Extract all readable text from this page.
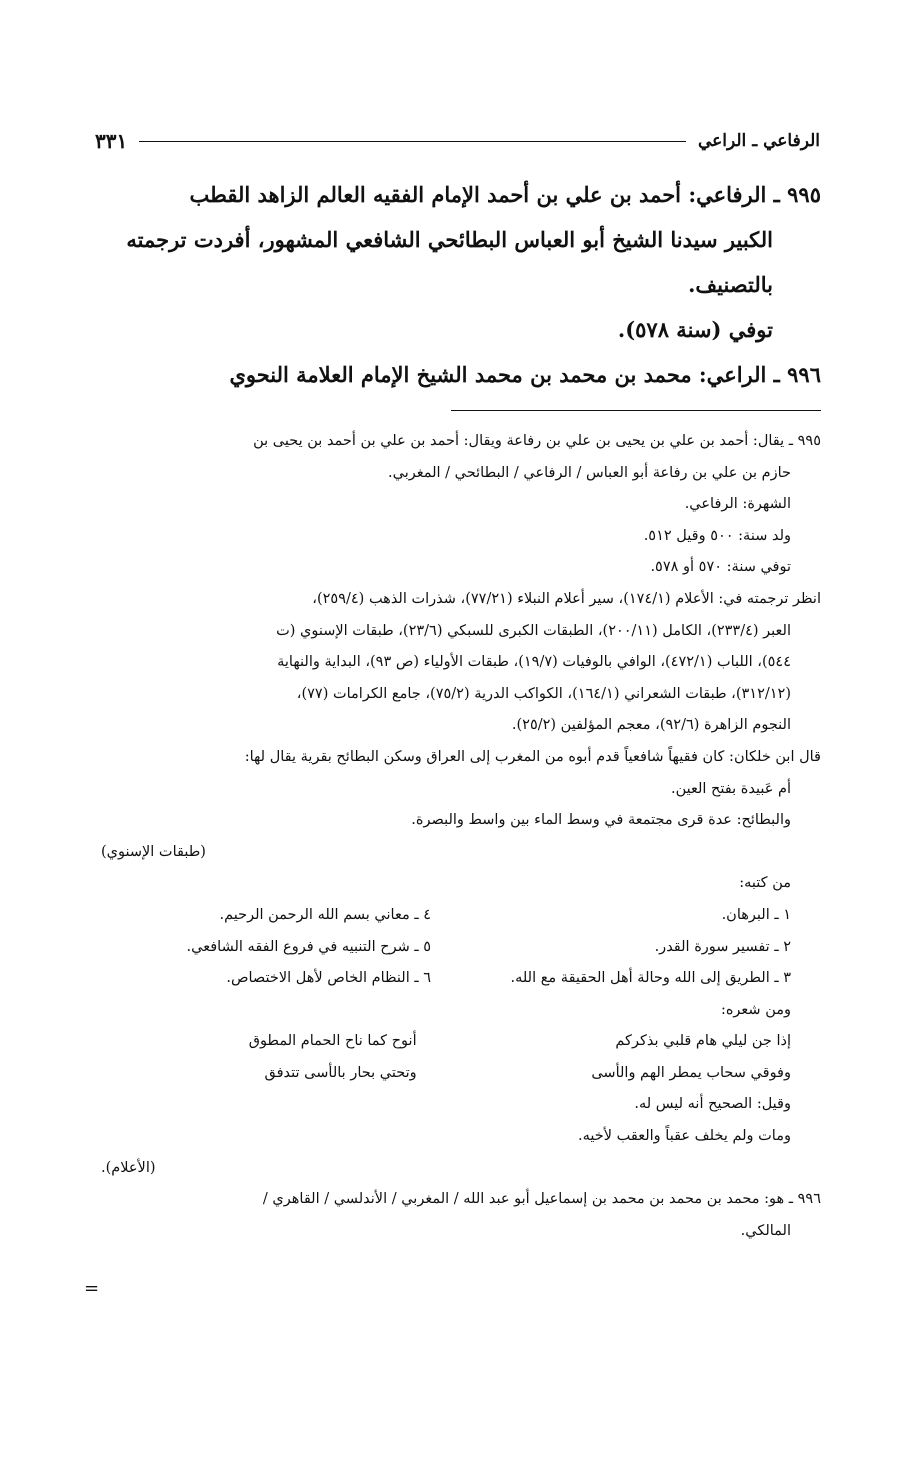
الرفاعي ـ الراعي
٣٣١

٩٩٥ ـ الرفاعي: أحمد بن علي بن أحمد الإمام الفقيه العالم الزاهد القطب

الكبير سيدنا الشيخ أبو العباس البطائحي الشافعي المشهور، أفردت ترجمته

بالتصنيف.

توفي (سنة ٥٧٨).

٩٩٦ ـ الراعي: محمد بن محمد بن محمد الشيخ الإمام العلامة النحوي

٩٩٥ ـ يقال: أحمد بن علي بن يحيى بن علي بن رفاعة ويقال: أحمد بن علي بن أحمد بن يحيى بن

حازم بن علي بن رفاعة أبو العباس / الرفاعي / البطائحي / المغربي.

الشهرة: الرفاعي.

ولد سنة: ٥٠٠ وقيل ٥١٢.

توفي سنة: ٥٧٠ أو ٥٧٨.

انظر ترجمته في: الأعلام (١٧٤/١)، سير أعلام النبلاء (٧٧/٢١)، شذرات الذهب (٢٥٩/٤)،

العبر (٢٣٣/٤)، الكامل (٢٠٠/١١)، الطبقات الكبرى للسبكي (٢٣/٦)، طبقات الإسنوي (ت

٥٤٤)، اللباب (٤٧٢/١)، الوافي بالوفيات (١٩/٧)، طبقات الأولياء (ص ٩٣)، البداية والنهاية

(٣١٢/١٢)، طبقات الشعراني (١٦٤/١)، الكواكب الدرية (٧٥/٢)، جامع الكرامات (٧٧)،

النجوم الزاهرة (٩٢/٦)، معجم المؤلفين (٢٥/٢).

قال ابن خلكان: كان فقيهاً شافعياً قدم أبوه من المغرب إلى العراق وسكن البطائح بقرية يقال لها:

أم عَبيدة بفتح العين.

والبطائح: عدة قرى مجتمعة في وسط الماء بين واسط والبصرة.

(طبقات الإسنوي)

من كتبه:

١ ـ البرهان.

٢ ـ تفسير سورة القدر.

٣ ـ الطريق إلى الله وحالة أهل الحقيقة مع الله.

٤ ـ معاني بسم الله الرحمن الرحيم.

٥ ـ شرح التنبيه في فروع الفقه الشافعي.

٦ ـ النظام الخاص لأهل الاختصاص.

ومن شعره:

إذا جن ليلي هام قلبي بذكركم
أنوح كما ناح الحمام المطوق
وفوقي سحاب يمطر الهم والأسى
وتحتي بحار بالأسى تتدفق

وقيل: الصحيح أنه ليس له.

ومات ولم يخلف عقباً والعقب لأخيه.

(الأعلام).

٩٩٦ ـ هو: محمد بن محمد بن محمد بن إسماعيل أبو عبد الله / المغربي / الأندلسي / القاهري /

المالكي.

=
